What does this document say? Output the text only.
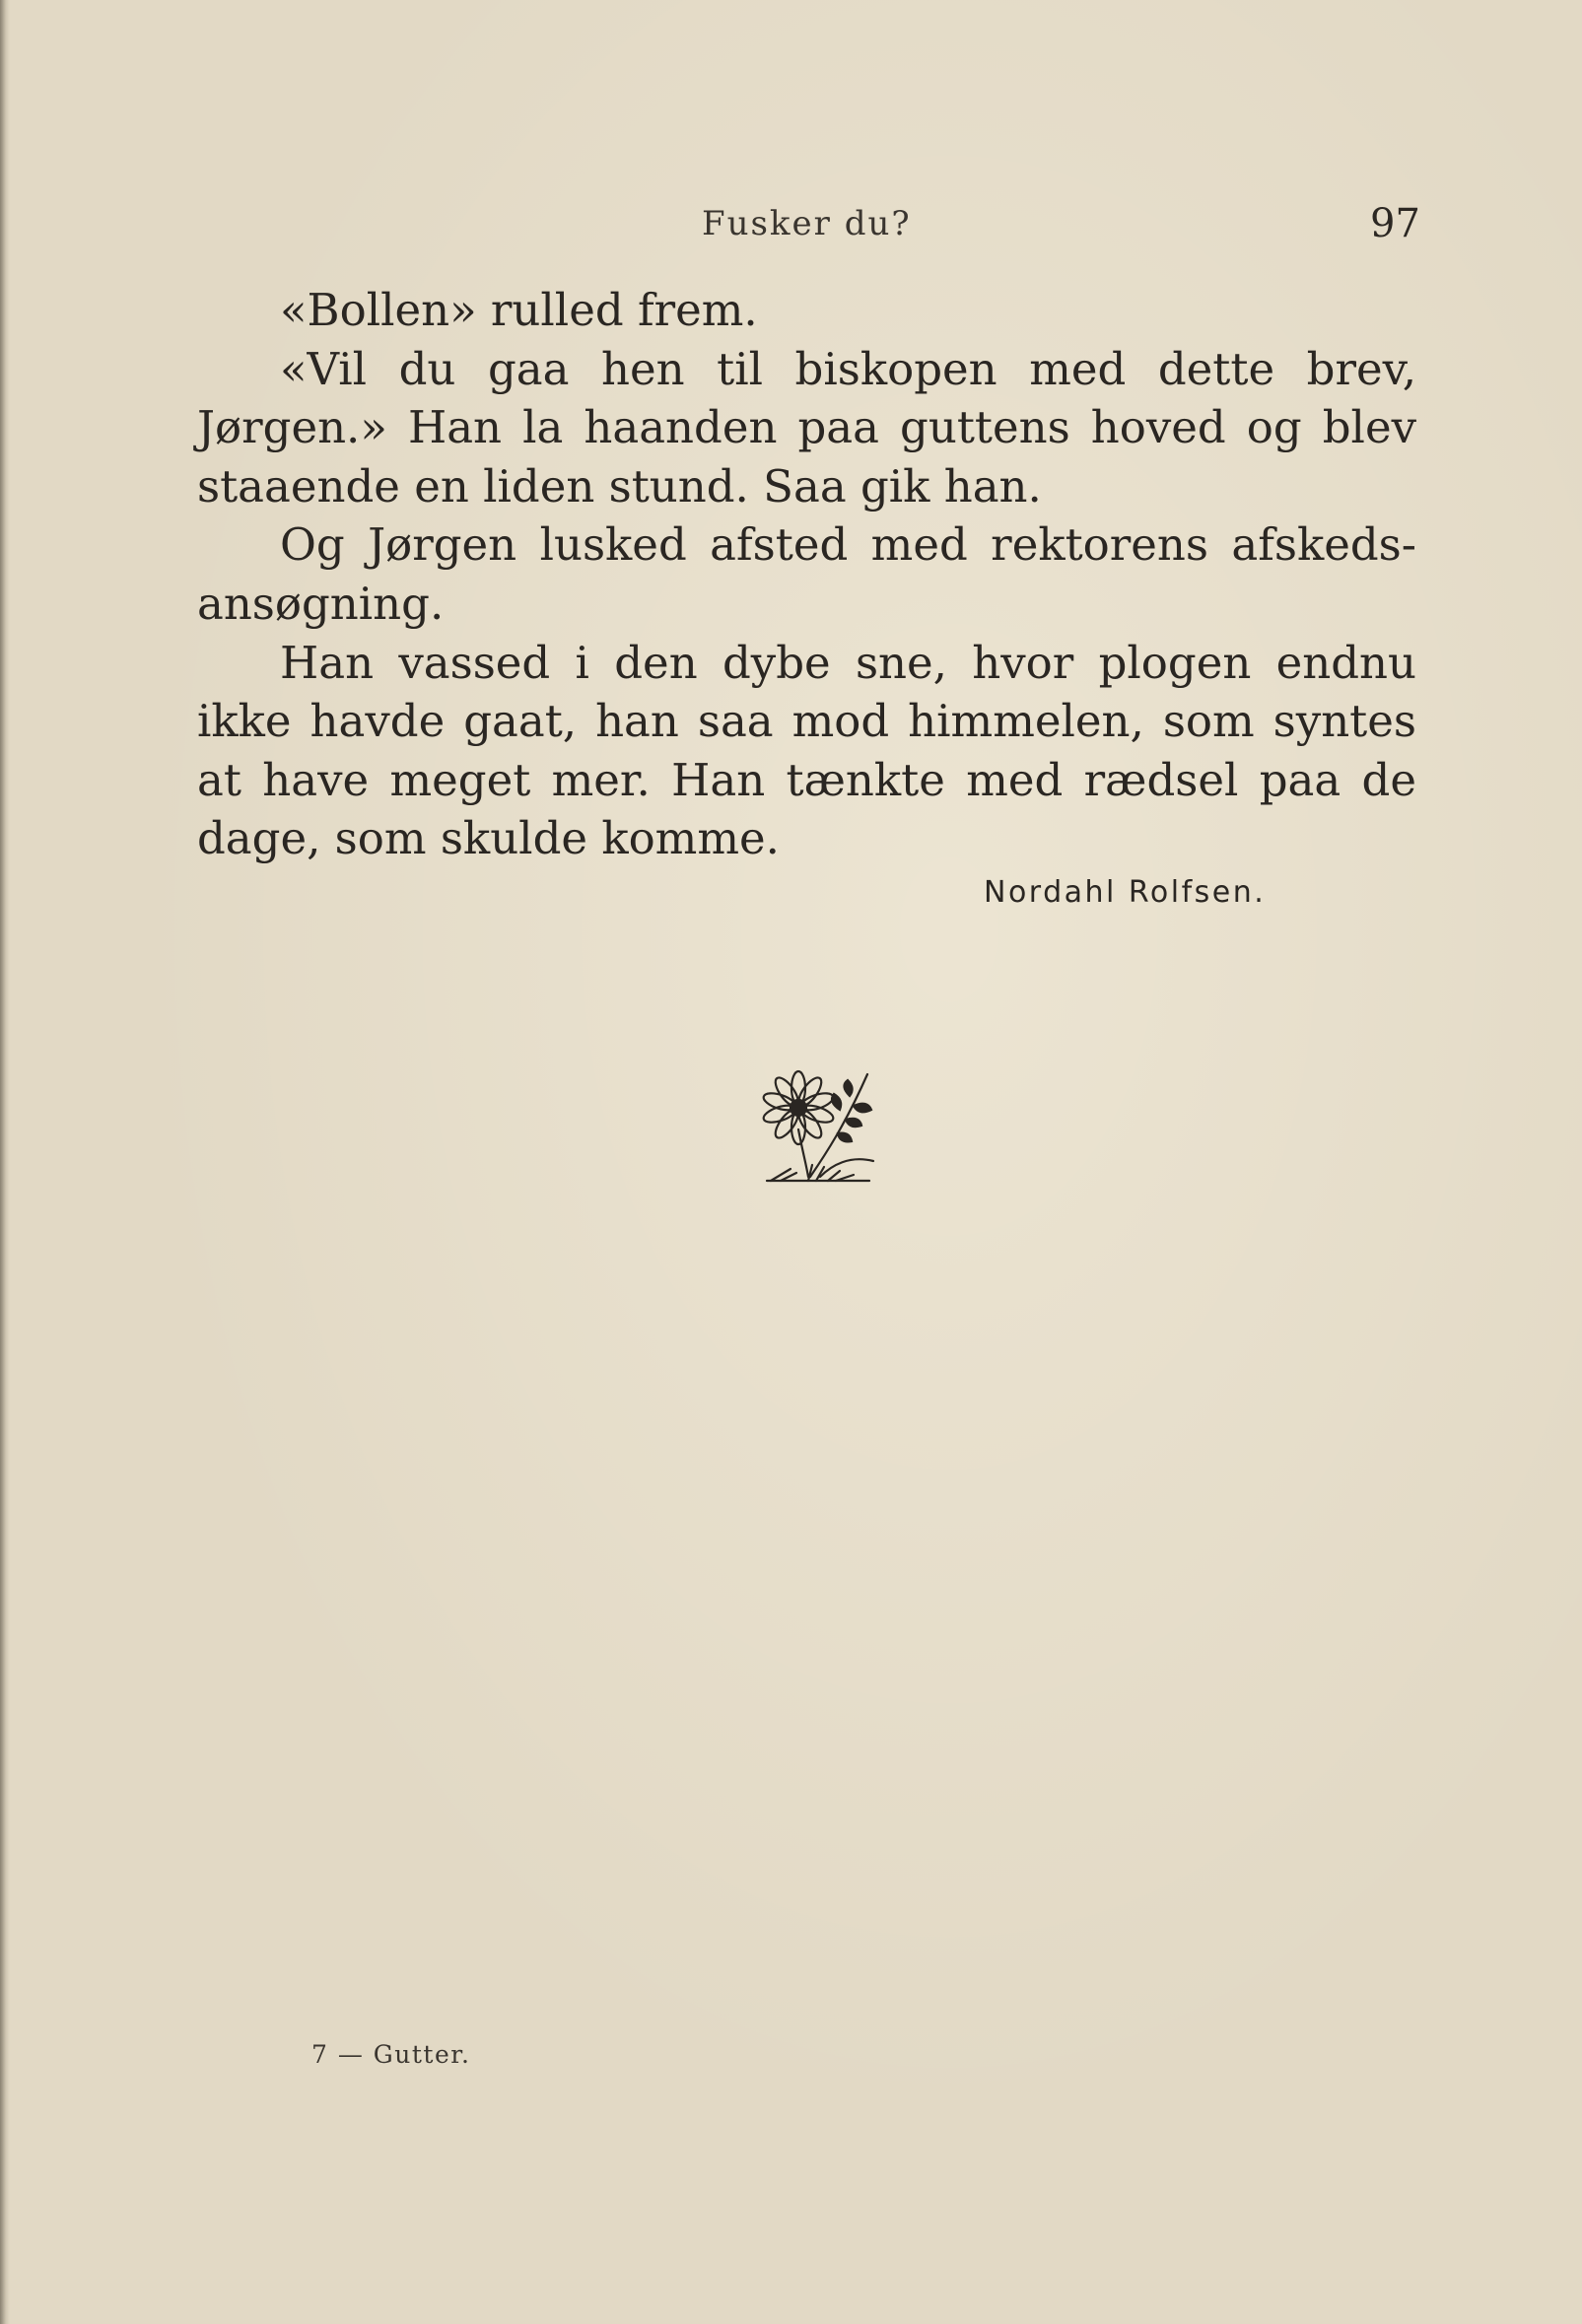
Fusker du?	97

«Bollen» rulled frem.

«Vil du gaa hen til biskopen med dette brev, Jørgen.» Han la haanden paa guttens hoved og blev staaende en liden stund. Saa gik han.

Og Jørgen lusked afsted med rektorens afskedsansøgning.

Han vassed i den dybe sne, hvor plogen endnu ikke havde gaat, han saa mod himmelen, som syntes at have meget mer. Han tænkte med rædsel paa de dage, som skulde komme.

Nordahl Rolfsen.
7 — Gutter.
